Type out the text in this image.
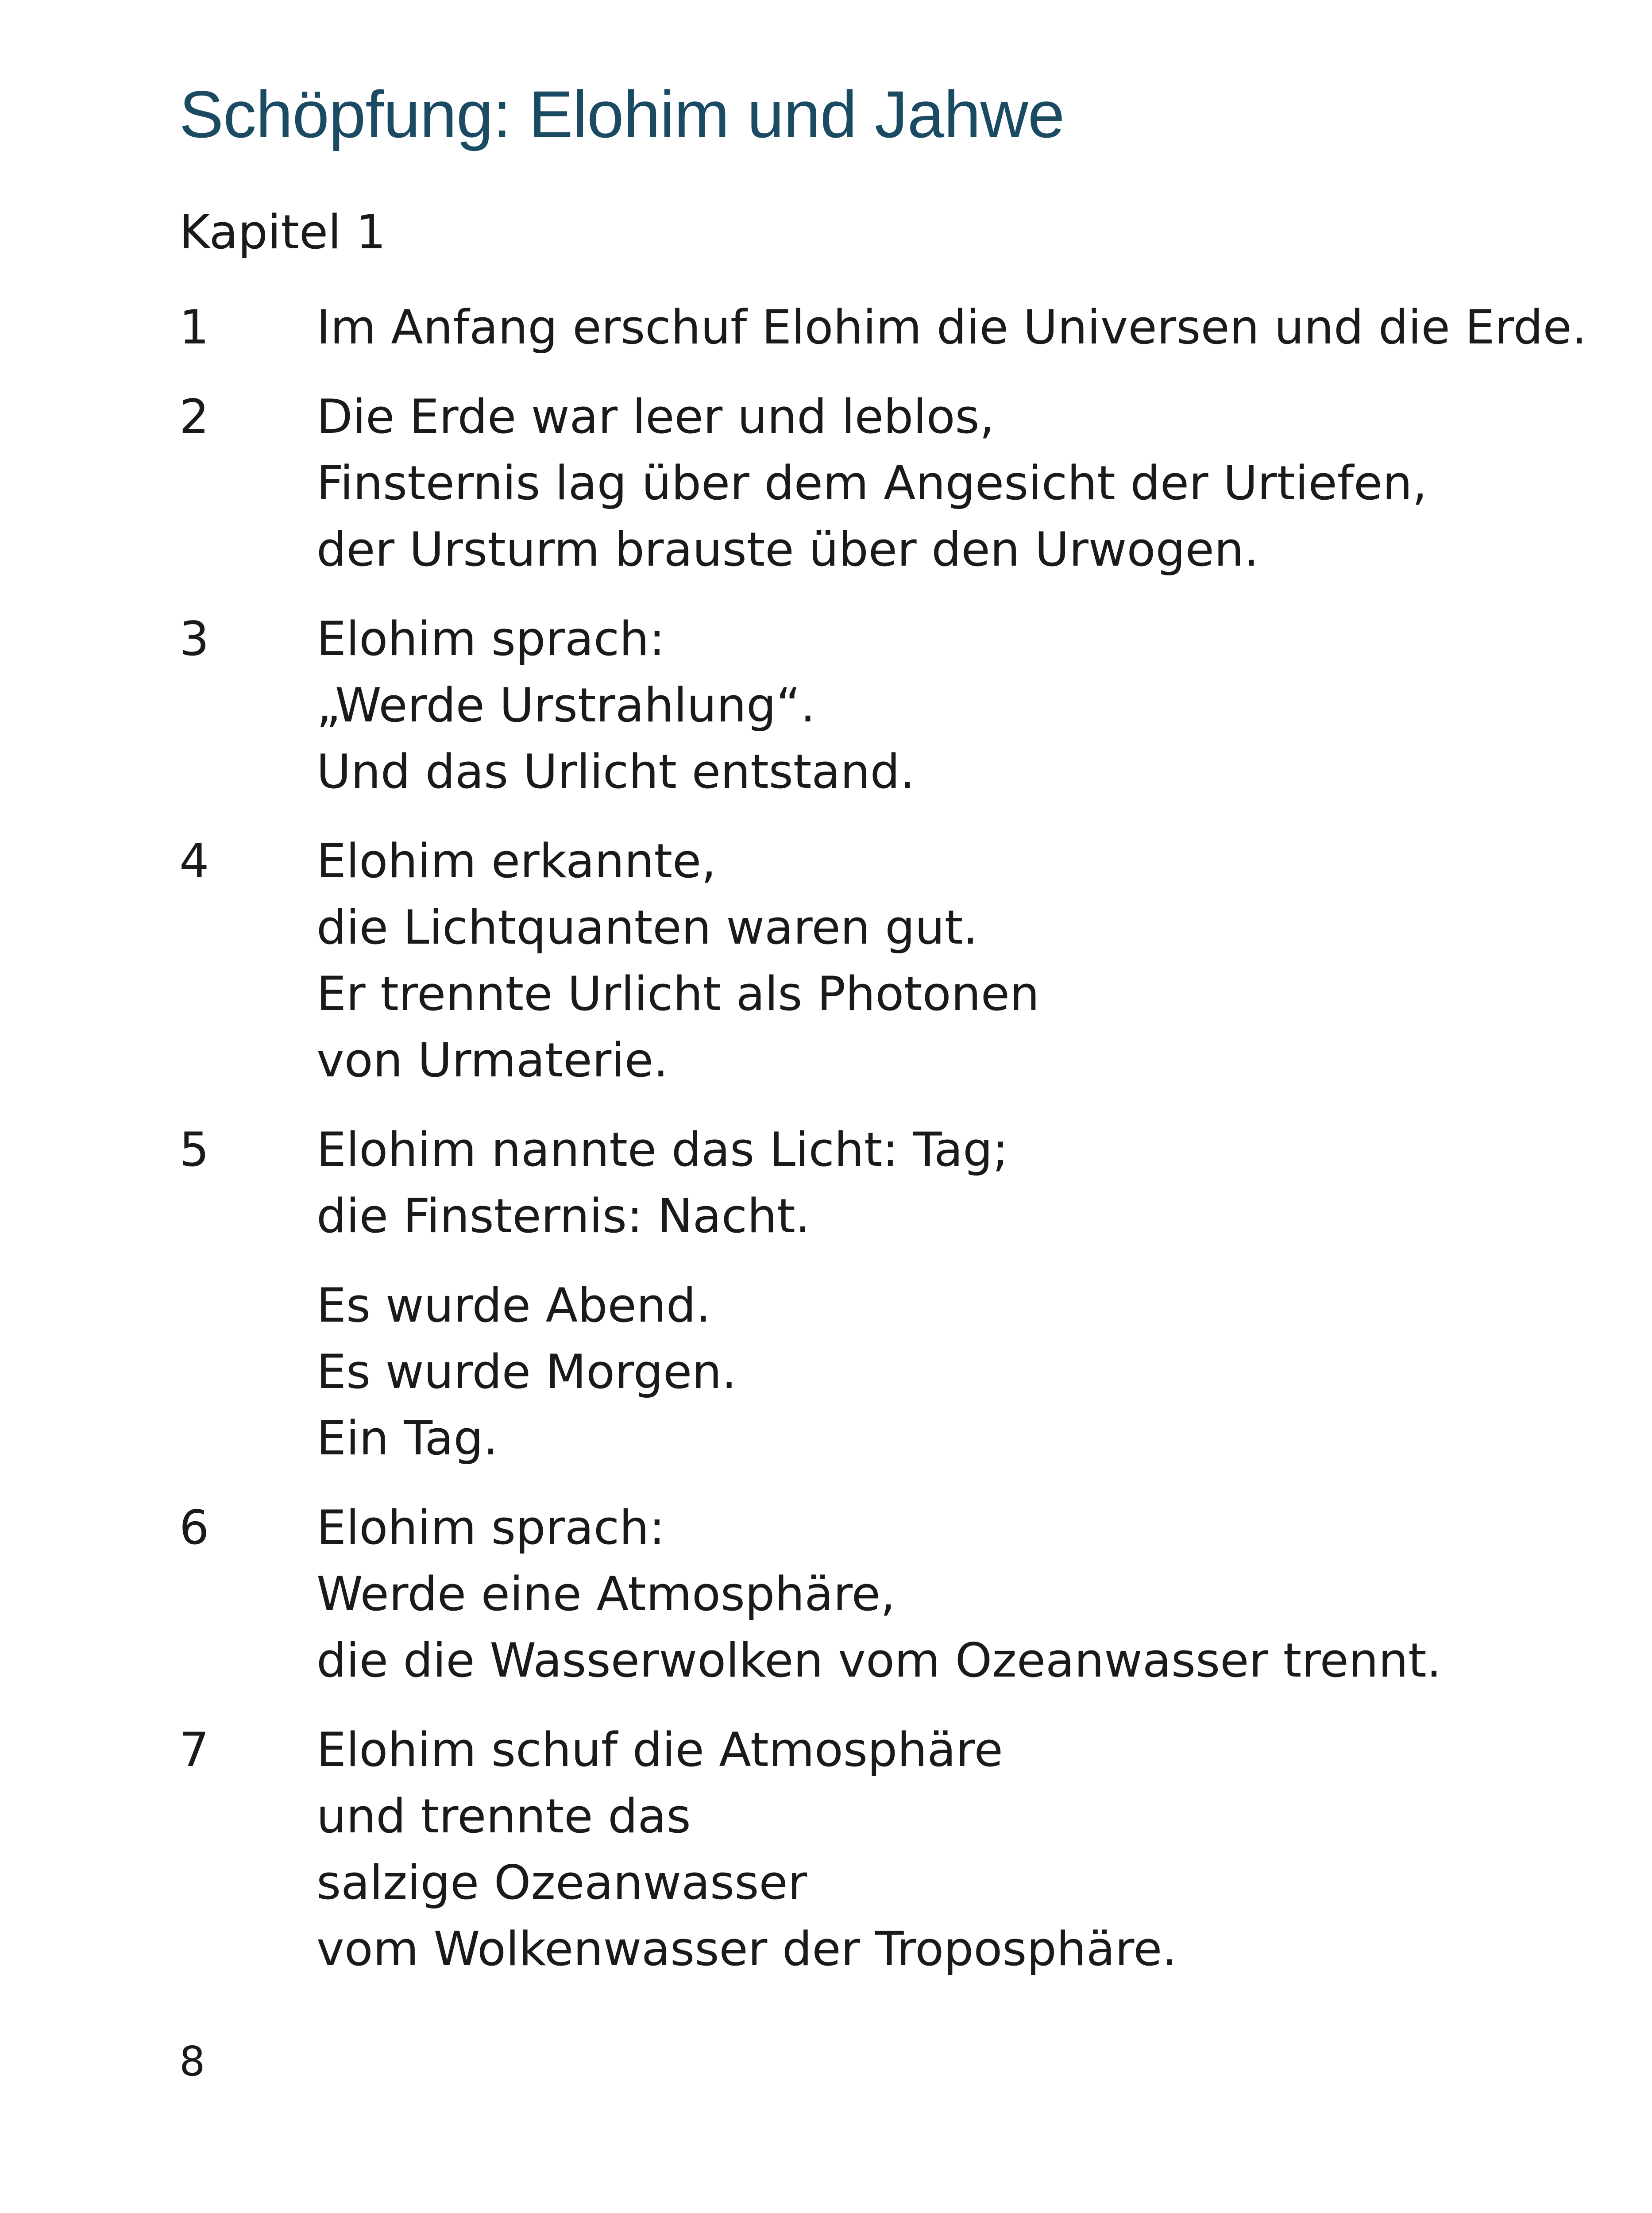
Schöpfung: Elohim und Jahwe

Kapitel 1

1	Im Anfang erschuf Elohim die Universen und die Erde.
2	Die Erde war leer und leblos,
Finsternis lag über dem Angesicht der Urtiefen,
der Ursturm brauste über den Urwogen.
3	Elohim sprach:
„Werde Urstrahlung“.
Und das Urlicht entstand.
4	Elohim erkannte,
die Lichtquanten waren gut.
Er trennte Urlicht als Photonen
von Urmaterie.
5	Elohim nannte das Licht: Tag;
die Finsternis: Nacht.
Es wurde Abend.
Es wurde Morgen.
Ein Tag.
6	Elohim sprach:
Werde eine Atmosphäre,
die die Wasserwolken vom Ozeanwasser trennt.
7	Elohim schuf die Atmosphäre
und trennte das
salzige Ozeanwasser
vom Wolkenwasser der Troposphäre.

8
